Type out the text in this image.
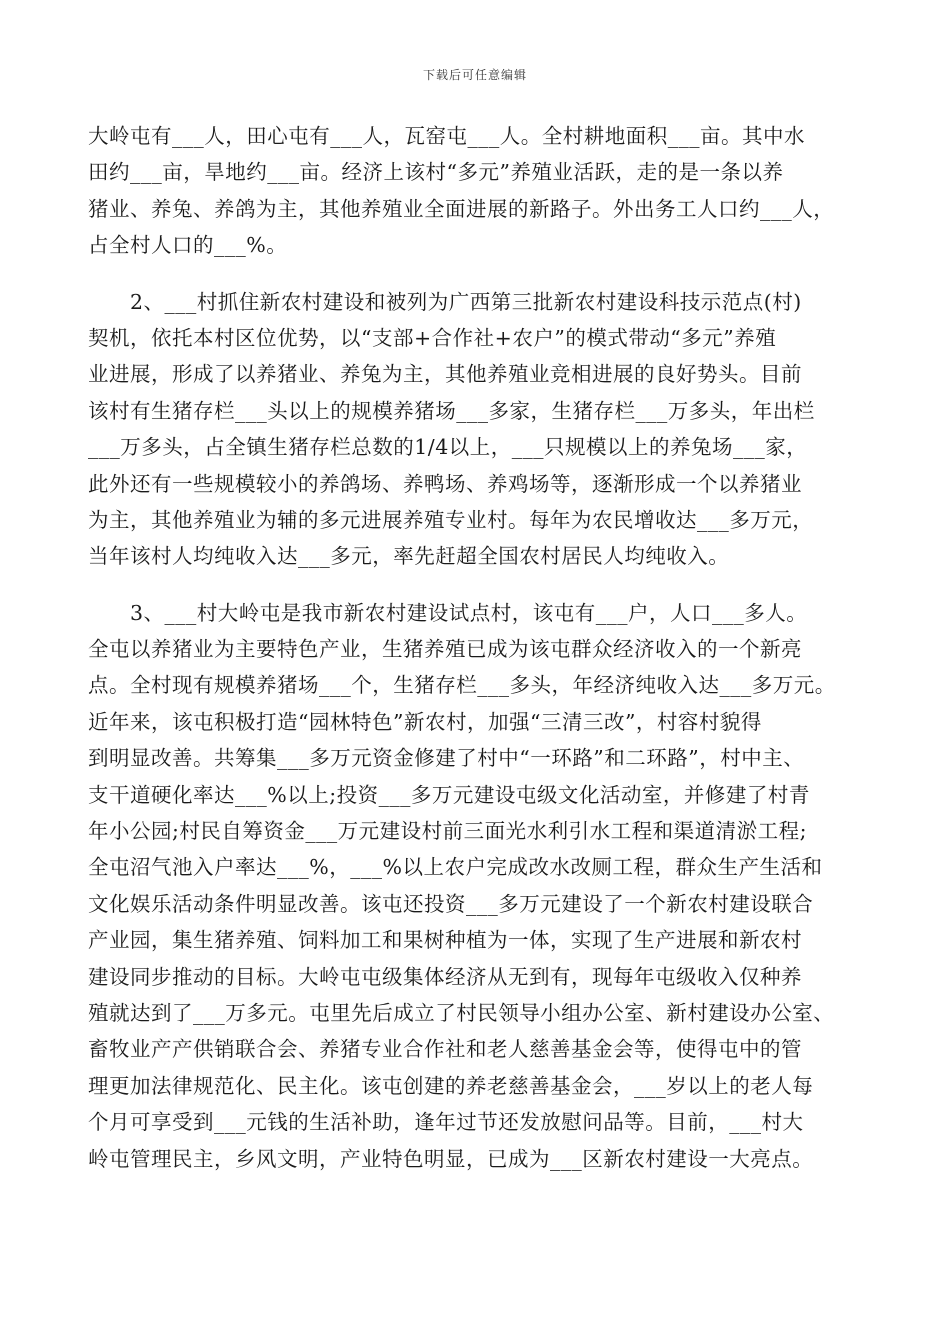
下载后可任意编辑
大岭屯有___人，田心屯有___人，瓦窑屯___人。全村耕地面积___亩。其中水
田约___亩，旱地约___亩。经济上该村“多元”养殖业活跃，走的是一条以养
猪业、养兔、养鸽为主，其他养殖业全面进展的新路子。外出务工人口约___人，
占全村人口的___%。
2、___村抓住新农村建设和被列为广西第三批新农村建设科技示范点(村)
契机，依托本村区位优势，以“支部+合作社+农户”的模式带动“多元”养殖
业进展，形成了以养猪业、养兔为主，其他养殖业竞相进展的良好势头。目前
该村有生猪存栏___头以上的规模养猪场___多家，生猪存栏___万多头，年出栏
___万多头，占全镇生猪存栏总数的1/4以上，___只规模以上的养兔场___家，
此外还有一些规模较小的养鸽场、养鸭场、养鸡场等，逐渐形成一个以养猪业
为主，其他养殖业为辅的多元进展养殖专业村。每年为农民增收达___多万元，
当年该村人均纯收入达___多元，率先赶超全国农村居民人均纯收入。
3、___村大岭屯是我市新农村建设试点村，该屯有___户，人口___多人。
全屯以养猪业为主要特色产业，生猪养殖已成为该屯群众经济收入的一个新亮
点。全村现有规模养猪场___个，生猪存栏___多头，年经济纯收入达___多万元。
近年来，该屯积极打造“园林特色”新农村，加强“三清三改”，村容村貌得
到明显改善。共筹集___多万元资金修建了村中“一环路”和二环路”，村中主、
支干道硬化率达___%以上;投资___多万元建设屯级文化活动室，并修建了村青
年小公园;村民自筹资金___万元建设村前三面光水利引水工程和渠道清淤工程;
全屯沼气池入户率达___%，___%以上农户完成改水改厕工程，群众生产生活和
文化娱乐活动条件明显改善。该屯还投资___多万元建设了一个新农村建设联合
产业园，集生猪养殖、饲料加工和果树种植为一体，实现了生产进展和新农村
建设同步推动的目标。大岭屯屯级集体经济从无到有，现每年屯级收入仅种养
殖就达到了___万多元。屯里先后成立了村民领导小组办公室、新村建设办公室、
畜牧业产产供销联合会、养猪专业合作社和老人慈善基金会等，使得屯中的管
理更加法律规范化、民主化。该屯创建的养老慈善基金会，___岁以上的老人每
个月可享受到___元钱的生活补助，逢年过节还发放慰问品等。目前，___村大
岭屯管理民主，乡风文明，产业特色明显，已成为___区新农村建设一大亮点。
